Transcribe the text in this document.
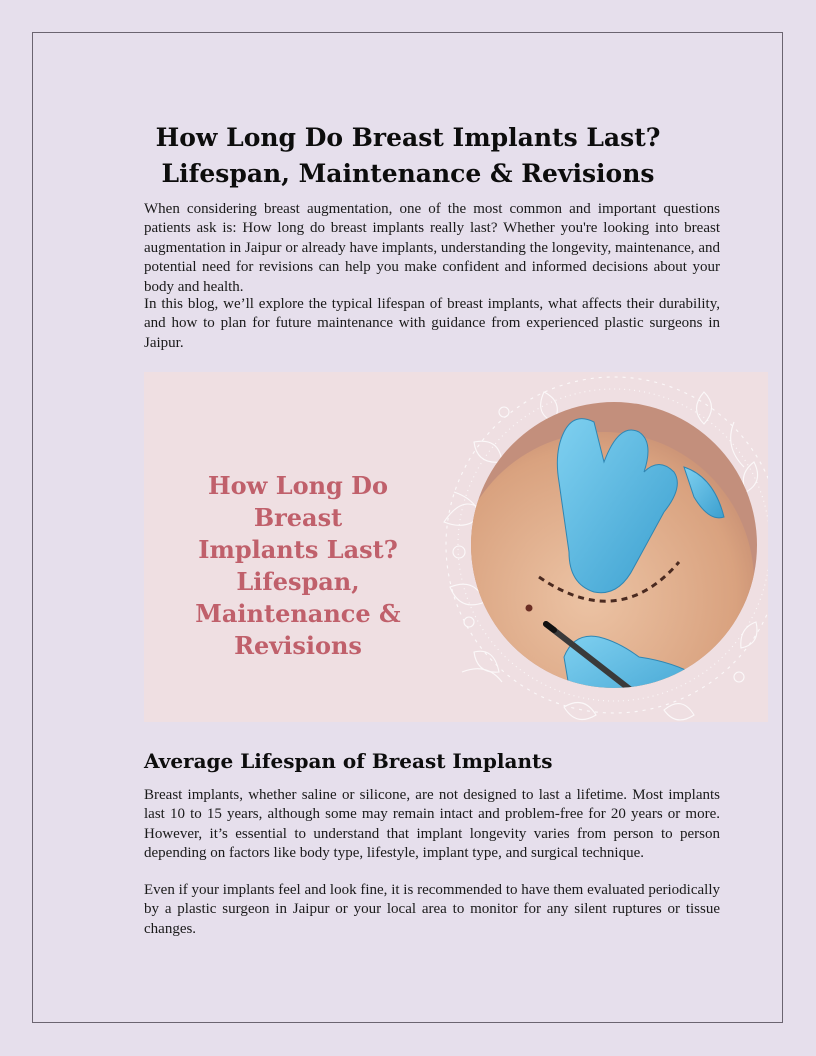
How Long Do Breast Implants Last?
Lifespan, Maintenance & Revisions

When considering breast augmentation, one of the most common and important questions patients ask is: How long do breast implants really last? Whether you're looking into breast augmentation in Jaipur or already have implants, understanding the longevity, maintenance, and potential need for revisions can help you make confident and informed decisions about your body and health.

In this blog, we’ll explore the typical lifespan of breast implants, what affects their durability, and how to plan for future maintenance with guidance from experienced plastic surgeons in Jaipur.

How Long Do Breast
Implants Last?
Lifespan,
Maintenance &
Revisions
Average Lifespan of Breast Implants

Breast implants, whether saline or silicone, are not designed to last a lifetime. Most implants last 10 to 15 years, although some may remain intact and problem-free for 20 years or more. However, it’s essential to understand that implant longevity varies from person to person depending on factors like body type, lifestyle, implant type, and surgical technique.

Even if your implants feel and look fine, it is recommended to have them evaluated periodically by a plastic surgeon in Jaipur or your local area to monitor for any silent ruptures or tissue changes.
